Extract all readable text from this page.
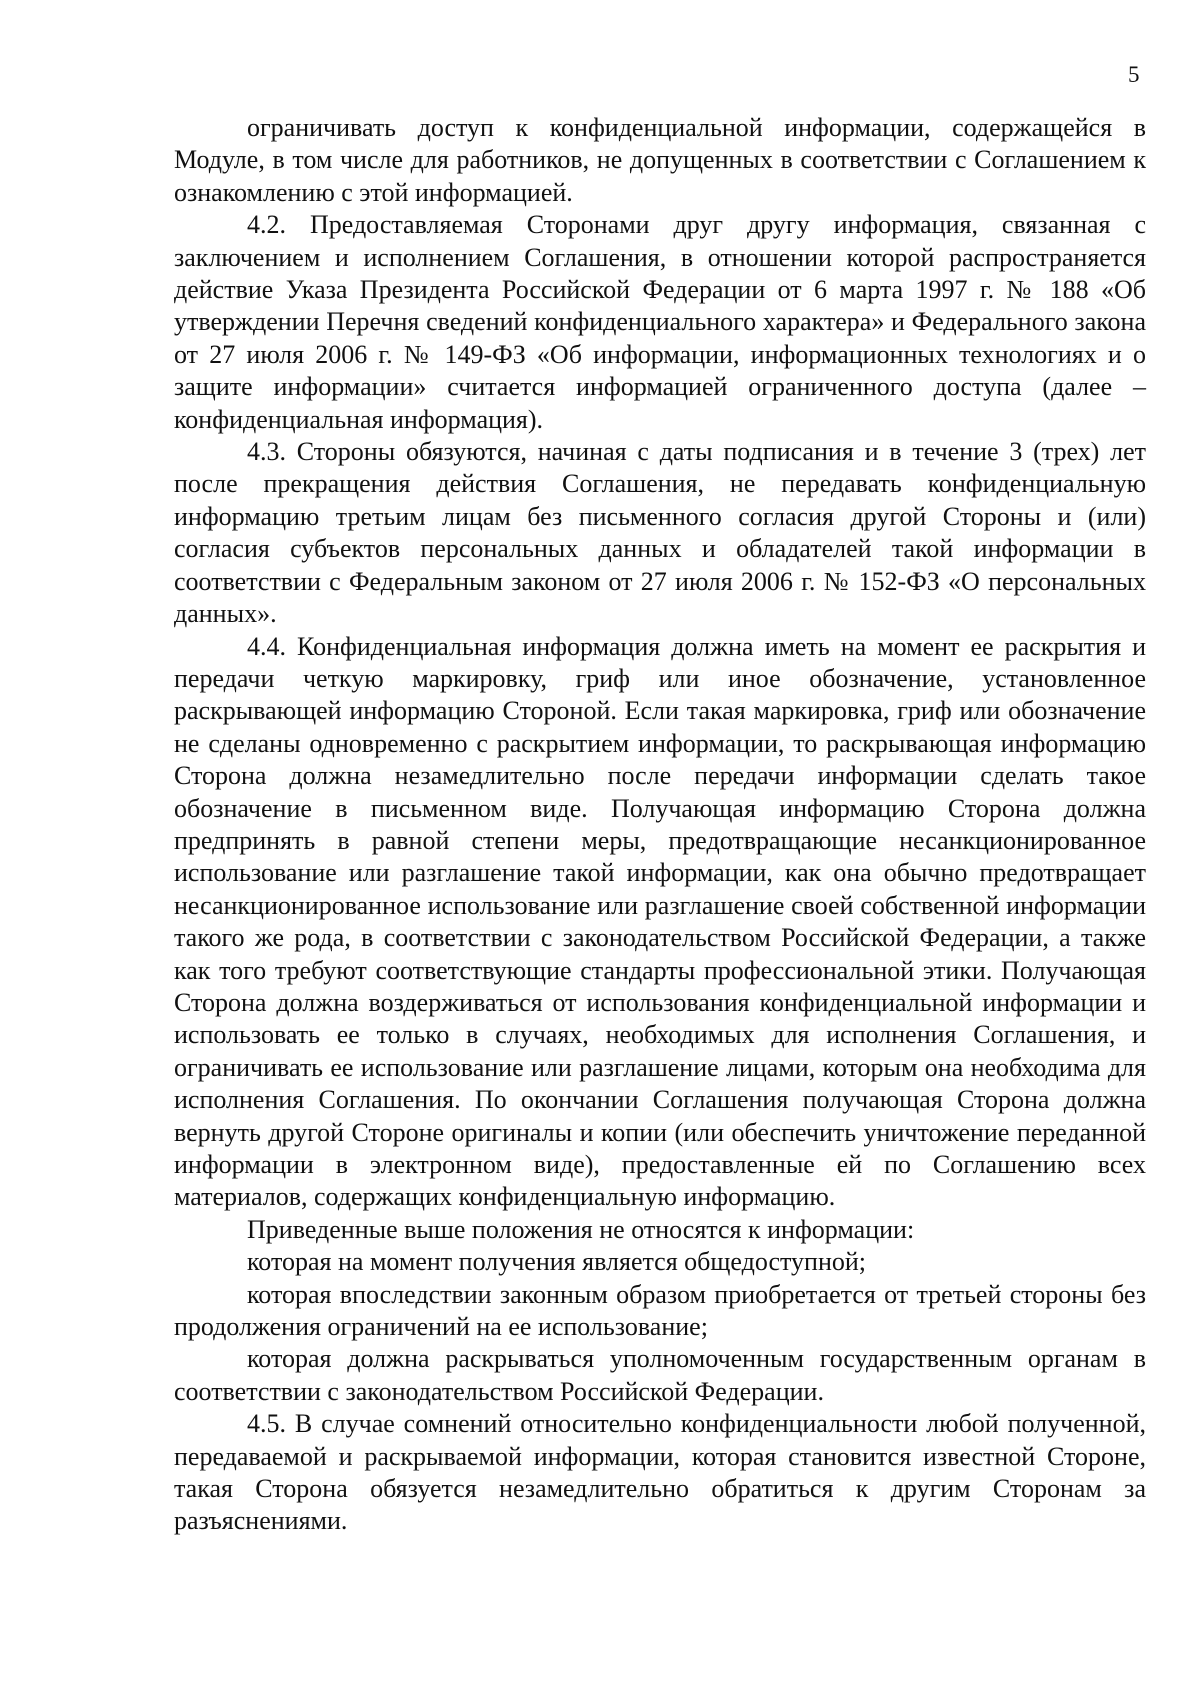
5

ограничивать доступ к конфиденциальной информации, содержащейся в Модуле, в том числе для работников, не допущенных в соответствии с Соглашением к ознакомлению с этой информацией.

4.2. Предоставляемая Сторонами друг другу информация, связанная с заключением и исполнением Соглашения, в отношении которой распространяется действие Указа Президента Российской Федерации от 6 марта 1997 г. № 188 «Об утверждении Перечня сведений конфиденциального характера» и Федерального закона от 27 июля 2006 г. № 149-ФЗ «Об информации, информационных технологиях и о защите информации» считается информацией ограниченного доступа (далее – конфиденциальная информация).

4.3. Стороны обязуются, начиная с даты подписания и в течение 3 (трех) лет после прекращения действия Соглашения, не передавать конфиденциальную информацию третьим лицам без письменного согласия другой Стороны и (или) согласия субъектов персональных данных и обладателей такой информации в соответствии с Федеральным законом от 27 июля 2006 г. № 152-ФЗ «О персональных данных».

4.4. Конфиденциальная информация должна иметь на момент ее раскрытия и передачи четкую маркировку, гриф или иное обозначение, установленное раскрывающей информацию Стороной. Если такая маркировка, гриф или обозначение не сделаны одновременно с раскрытием информации, то раскрывающая информацию Сторона должна незамедлительно после передачи информации сделать такое обозначение в письменном виде. Получающая информацию Сторона должна предпринять в равной степени меры, предотвращающие несанкционированное использование или разглашение такой информации, как она обычно предотвращает несанкционированное использование или разглашение своей собственной информации такого же рода, в соответствии с законодательством Российской Федерации, а также как того требуют соответствующие стандарты профессиональной этики. Получающая Сторона должна воздерживаться от использования конфиденциальной информации и использовать ее только в случаях, необходимых для исполнения Соглашения, и ограничивать ее использование или разглашение лицами, которым она необходима для исполнения Соглашения. По окончании Соглашения получающая Сторона должна вернуть другой Стороне оригиналы и копии (или обеспечить уничтожение переданной информации в электронном виде), предоставленные ей по Соглашению всех материалов, содержащих конфиденциальную информацию.

Приведенные выше положения не относятся к информации:

которая на момент получения является общедоступной;

которая впоследствии законным образом приобретается от третьей стороны без продолжения ограничений на ее использование;

которая должна раскрываться уполномоченным государственным органам в соответствии с законодательством Российской Федерации.

4.5. В случае сомнений относительно конфиденциальности любой полученной, передаваемой и раскрываемой информации, которая становится известной Стороне, такая Сторона обязуется незамедлительно обратиться к другим Сторонам за разъяснениями.
